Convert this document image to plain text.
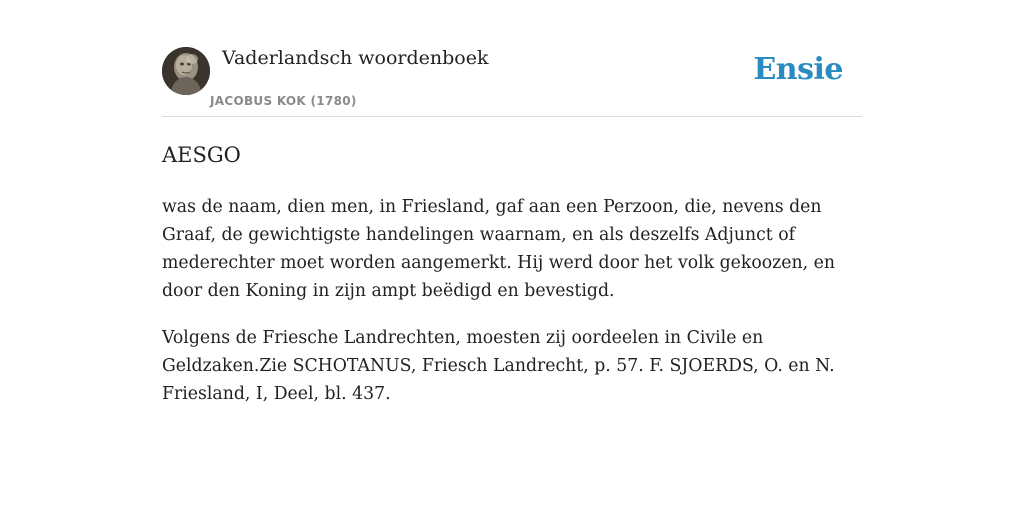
Vaderlandsch woordenboek
JACOBUS KOK (1780)
Ensie
AESGO

was de naam, dien men, in Friesland, gaf aan een Perzoon, die, nevens den Graaf, de gewichtigste handelingen waarnam, en als deszelfs Adjunct of mederechter moet worden aangemerkt. Hij werd door het volk gekoozen, en door den Koning in zijn ampt beëdigd en bevestigd.

Volgens de Friesche Landrechten, moesten zij oordeelen in Civile en Geldzaken.Zie SCHOTANUS, Friesch Landrecht, p. 57. F. SJOERDS, O. en N. Friesland, I, Deel, bl. 437.
